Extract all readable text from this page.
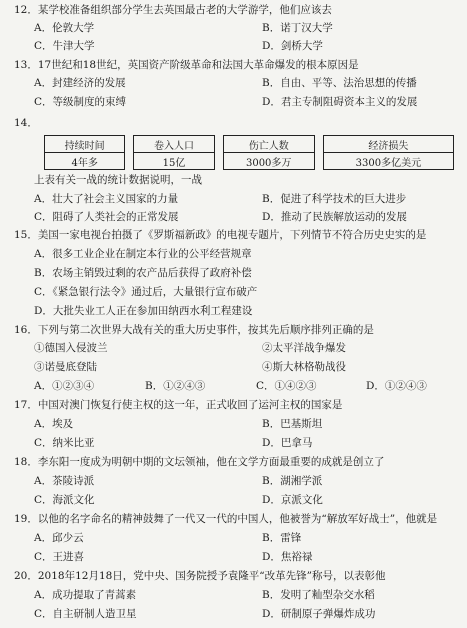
12．某学校准备组织部分学生去英国最古老的大学游学，他们应该去
A．伦敦大学	B．诺丁汉大学
C．牛津大学	D．剑桥大学
13．17世纪和18世纪，英国资产阶级革命和法国大革命爆发的根本原因是
A．封建经济的发展	B．自由、平等、法治思想的传播
C．等级制度的束缚	D．君主专制阻碍资本主义的发展
14．
持续时间		卷入人口		伤亡人数		经济损失
4年多		15亿		3000多万		3300多亿美元
上表有关一战的统计数据说明，一战
A．壮大了社会主义国家的力量	B．促进了科学技术的巨大进步
C．阻碍了人类社会的正常发展	D．推动了民族解放运动的发展
15．美国一家电视台拍摄了《罗斯福新政》的电视专题片，下列情节不符合历史史实的是
A．很多工业企业在制定本行业的公平经营规章
B．农场主销毁过剩的农产品后获得了政府补偿
C．《紧急银行法令》通过后，大量银行宣布破产
D．大批失业工人正在参加田纳西水利工程建设
16．下列与第二次世界大战有关的重大历史事件，按其先后顺序排列正确的是
①德国入侵波兰	②太平洋战争爆发
③诺曼底登陆	④斯大林格勒战役
A．①②③④	B．①②④③	C．①④②③	D．①②④③
17．中国对澳门恢复行使主权的这一年，正式收回了运河主权的国家是
A．埃及	B．巴基斯坦
C．纳米比亚	D．巴拿马
18．李东阳一度成为明朝中期的文坛领袖，他在文学方面最重要的成就是创立了
A．茶陵诗派	B．湖湘学派
C．海派文化	D．京派文化
19．以他的名字命名的精神鼓舞了一代又一代的中国人，他被誉为“解放军好战士”，他就是
A．邱少云	B．雷锋
C．王进喜	D．焦裕禄
20．2018年12月18日，党中央、国务院授予袁隆平“改革先锋”称号，以表彰他
A．成功提取了青蒿素	B．发明了籼型杂交水稻
C．自主研制人造卫星	D．研制原子弹爆炸成功
